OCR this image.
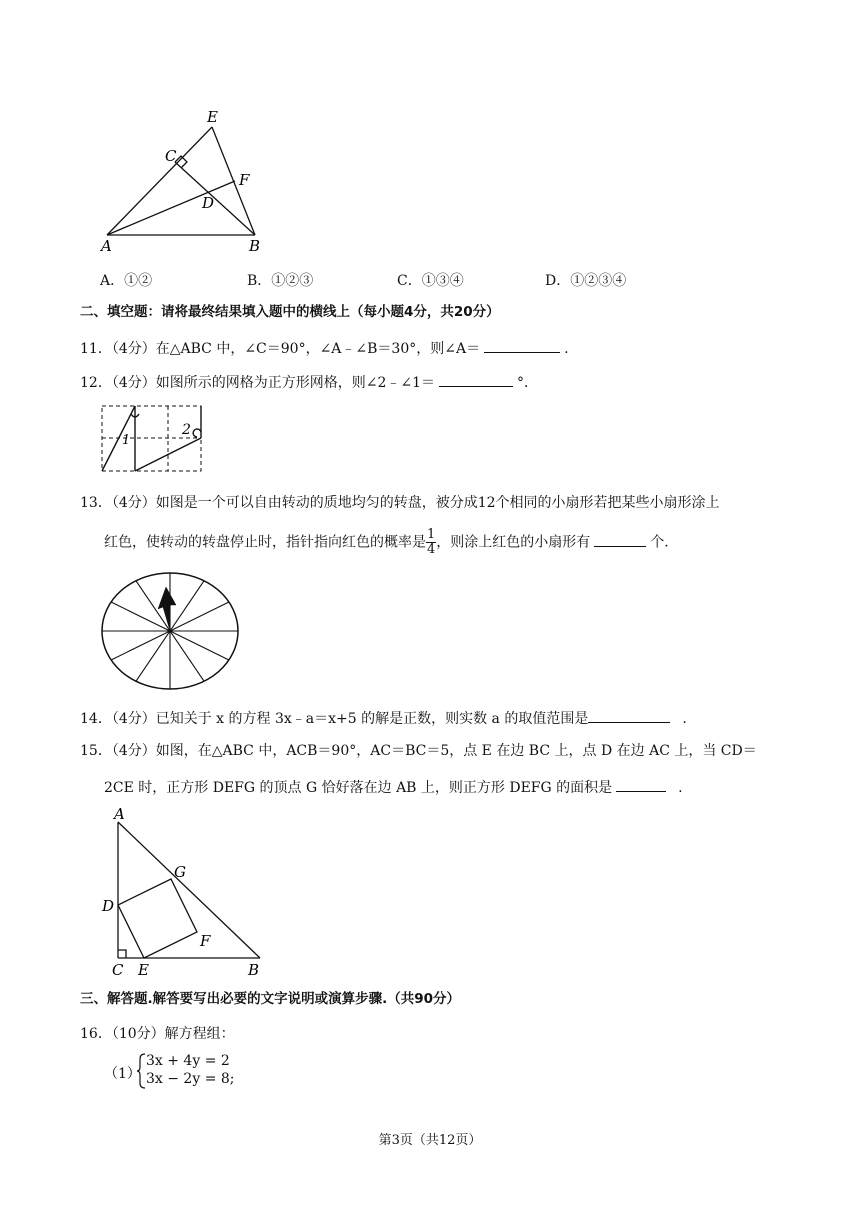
E
C
F
D
A	B
A．①②	B．①②③	C．①③④	D．①②③④
二、填空题：请将最终结果填入题中的横线上（每小题4分，共20分）
11．（4分）在△ABC 中，∠C＝90°，∠A﹣∠B＝30°，则∠A＝	.
12．（4分）如图所示的网格为正方形网格，则∠2﹣∠1＝	°．
1
2
13．（4分）如图是一个可以自由转动的质地均匀的转盘，被分成12个相同的小扇形若把某些小扇形涂上
红色，使转动的转盘停止时，指针指向红色的概率是 $\frac{1}{4}$ ，则涂上红色的小扇形有	个.
14．（4分）已知关于 x 的方程 3x﹣a＝x+5 的解是正数，则实数 a 的取值范围是	.
15．（4分）如图，在△ABC 中，ACB＝90°，AC＝BC＝5，点 E 在边 BC 上，点 D 在边 AC 上，当 CD＝
2CE 时，正方形 DEFG 的顶点 G 恰好落在边 AB 上，则正方形 DEFG 的面积是	.
A
G
D
F
C E	B
三、解答题.解答要写出必要的文字说明或演算步骤.（共90分）
16．（10分）解方程组：
（1）
3x + 4y = 2
3x − 2y = 8;
第3页（共12页）
